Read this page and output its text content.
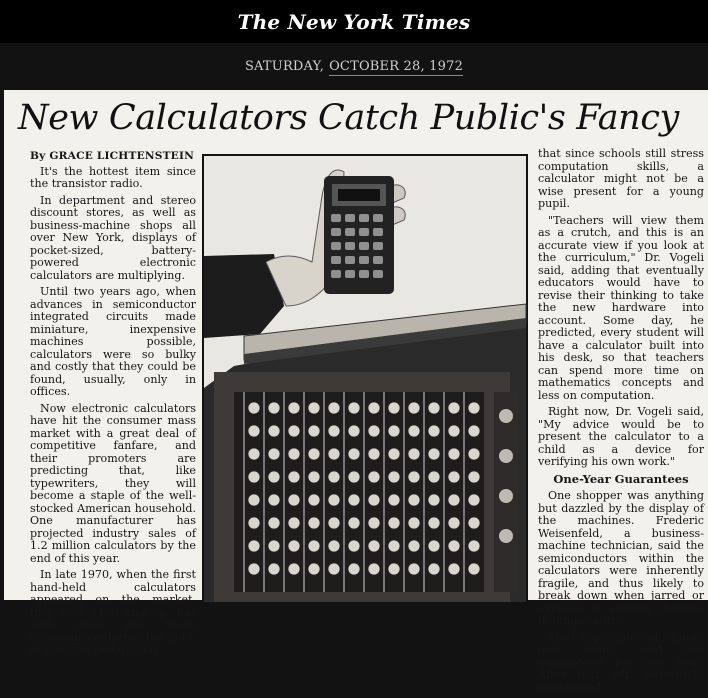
The New York Times
SATURDAY, OCTOBER 28, 1972
New Calculators Catch Public's Fancy
By GRACE LICHTENSTEIN

It's the hottest item since the transistor radio.

In department and stereo discount stores, as well as business-machine shops all over New York, displays of pocket-sized, battery-powered electronic calculators are multiplying.

Until two years ago, when advances in semiconductor integrated circuits made miniature, inexpensive machines possible, calculators were so bulky and costly that they could be found, usually, only in offices.

Now electronic calculators have hit the consumer mass market with a great deal of competitive fanfare, and their promoters are predicting that, like typewriters, they will become a staple of the well-stocked American household. One manufacturer has projected industry sales of 1.2 million calculators by the end of this year.

In late 1970, when the first hand-held calculators appeared on the market, they cost $400 and up. But with more and more companies entering the field, prices dropped quickly.

that since schools still stress computation skills, a calculator might not be a wise present for a young pupil.

"Teachers will view them as a crutch, and this is an accurate view if you look at the curriculum," Dr. Vogeli said, adding that eventually educators would have to revise their thinking to take the new hardware into account. Some day, he predicted, every student will have a calculator built into his desk, so that teachers can spend more time on mathematics concepts and less on computation.

Right now, Dr. Vogeli said, "My advice would be to present the calculator to a child as a device for verifying his own work."

One-Year Guarantees

One shopper was anything but dazzled by the display of the machines. Frederic Weisenfeld, a business-machine technician, said the semiconductors within the calculators were inherently fragile, and thus likely to break down when jarred or exposed to sudden changes in temperature.

Most reputable calculators now being sold are guaranteed for one year. After that, Mr. Weisenfeld maintained,
